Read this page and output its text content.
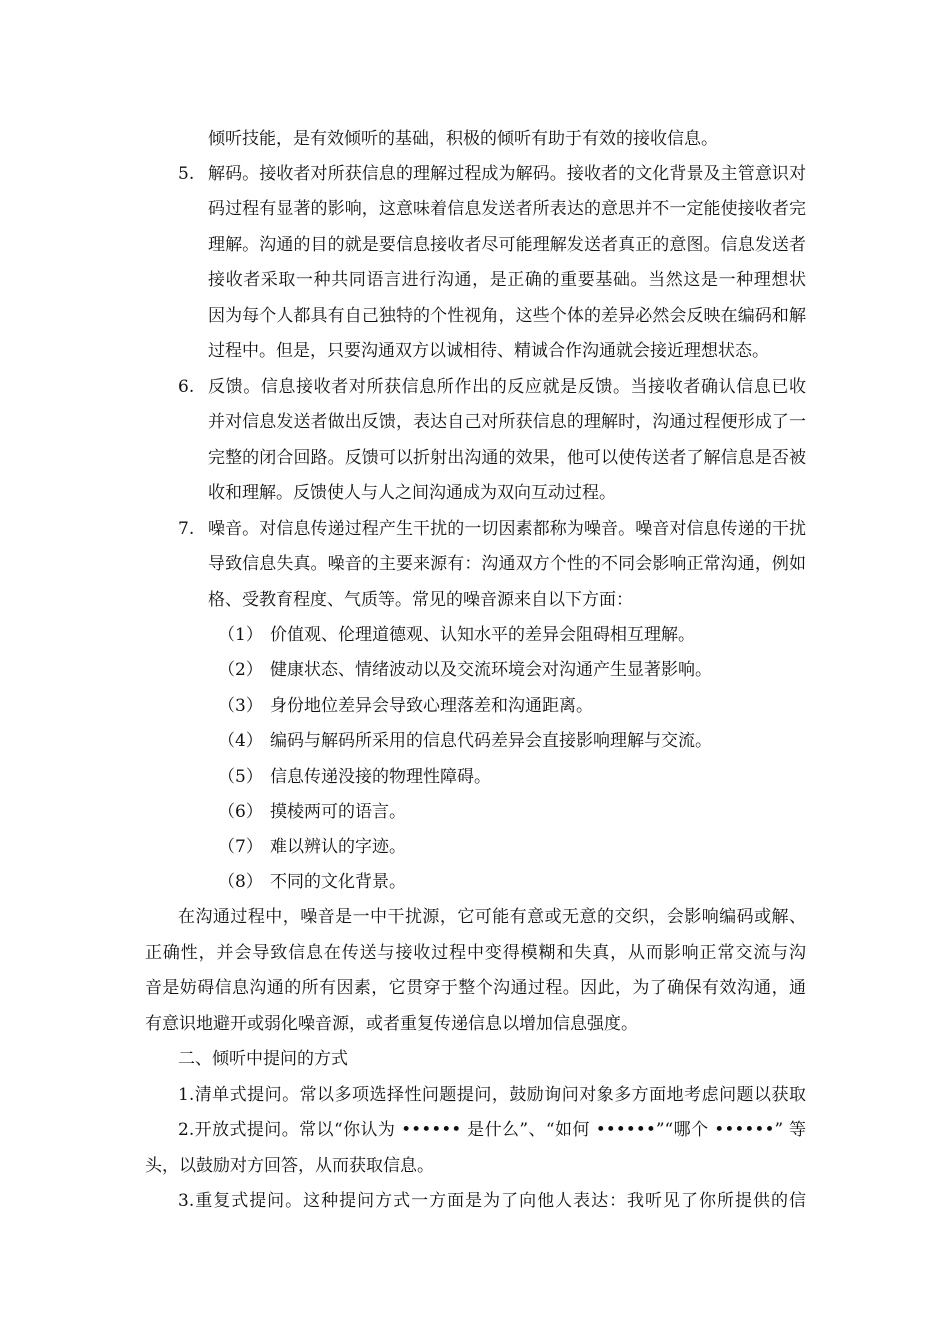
倾听技能，是有效倾听的基础，积极的倾听有助于有效的接收信息。
5. 解码。接收者对所获信息的理解过程成为解码。接收者的文化背景及主管意识对
码过程有显著的影响，这意味着信息发送者所表达的意思并不一定能使接收者完
理解。沟通的目的就是要信息接收者尽可能理解发送者真正的意图。信息发送者
接收者采取一种共同语言进行沟通，是正确的重要基础。当然这是一种理想状
因为每个人都具有自己独特的个性视角，这些个体的差异必然会反映在编码和解
过程中。但是，只要沟通双方以诚相待、精诚合作沟通就会接近理想状态。
6. 反馈。信息接收者对所获信息所作出的反应就是反馈。当接收者确认信息已收
并对信息发送者做出反馈，表达自己对所获信息的理解时，沟通过程便形成了一
完整的闭合回路。反馈可以折射出沟通的效果，他可以使传送者了解信息是否被
收和理解。反馈使人与人之间沟通成为双向互动过程。
7. 噪音。对信息传递过程产生干扰的一切因素都称为噪音。噪音对信息传递的干扰
导致信息失真。噪音的主要来源有：沟通双方个性的不同会影响正常沟通，例如
格、受教育程度、气质等。常见的噪音源来自以下方面：
（1） 价值观、伦理道德观、认知水平的差异会阻碍相互理解。
（2） 健康状态、情绪波动以及交流环境会对沟通产生显著影响。
（3） 身份地位差异会导致心理落差和沟通距离。
（4） 编码与解码所采用的信息代码差异会直接影响理解与交流。
（5） 信息传递没接的物理性障碍。
（6） 摸棱两可的语言。
（7） 难以辨认的字迹。
（8） 不同的文化背景。
在沟通过程中，噪音是一中干扰源，它可能有意或无意的交织，会影响编码或解、
正确性，并会导致信息在传送与接收过程中变得模糊和失真，从而影响正常交流与沟
音是妨碍信息沟通的所有因素，它贯穿于整个沟通过程。因此，为了确保有效沟通，通
有意识地避开或弱化噪音源，或者重复传递信息以增加信息强度。
二、倾听中提问的方式
1.清单式提问。常以多项选择性问题提问，鼓励询问对象多方面地考虑问题以获取
2.开放式提问。常以“你认为 •••••• 是什么”、“如何 ••••••”“哪个 ••••••” 等
头，以鼓励对方回答，从而获取信息。
3.重复式提问。这种提问方式一方面是为了向他人表达：我听见了你所提供的信
